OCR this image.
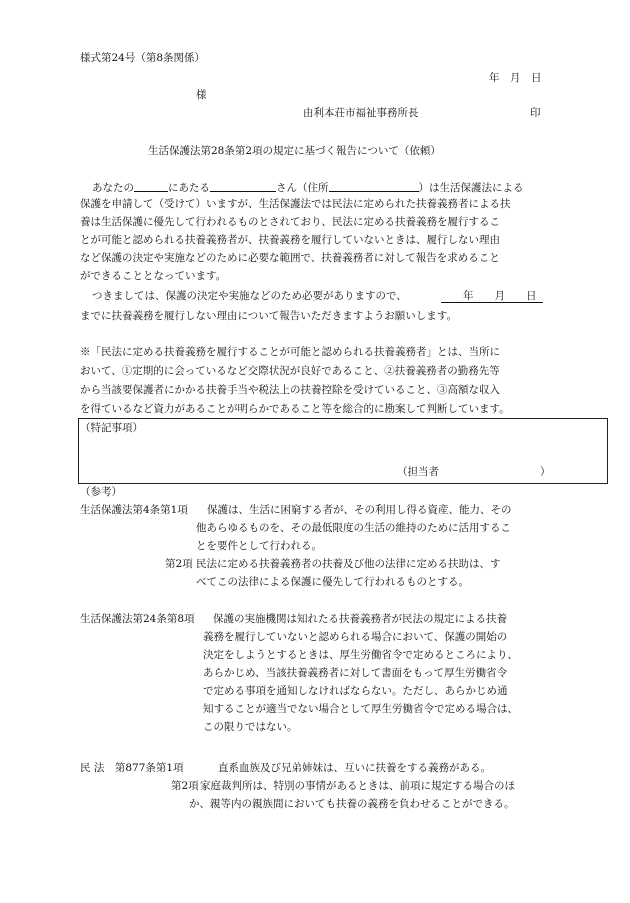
様式第24号（第8条関係）
年　月　日
様
由利本荘市福祉事務所長	印
生活保護法第28条第2項の規定に基づく報告について（依頼）
あなたの	にあたる	さん（住所	）は生活保護法による
保護を申請して（受けて）いますが、生活保護法では民法に定められた扶養義務者による扶
養は生活保護に優先して行われるものとされており、民法に定める扶養義務を履行するこ
とが可能と認められる扶養義務者が、扶養義務を履行していないときは、履行しない理由
など保護の決定や実施などのために必要な範囲で、扶養義務者に対して報告を求めること
ができることとなっています。
つきましては、保護の決定や実施などのため必要がありますので、	年　　月　　日
までに扶養義務を履行しない理由について報告いただきますようお願いします。
※「民法に定める扶養義務を履行することが可能と認められる扶養義務者」とは、当所に
おいて、①定期的に会っているなど交際状況が良好であること、②扶養義務者の勤務先等
から当該要保護者にかかる扶養手当や税法上の扶養控除を受けていること、③高額な収入
を得ているなど資力があることが明らかであること等を総合的に勘案して判断しています。
（特記事項）
（担当者	）
（参考）
生活保護法第4条第1項 保護は、生活に困窮する者が、その利用し得る資産、能力、その
他あらゆるものを、その最低限度の生活の維持のために活用するこ
とを要件として行われる。
第2項 民法に定める扶養義務者の扶養及び他の法律に定める扶助は、す
べてこの法律による保護に優先して行われるものとする。
生活保護法第24条第8項 保護の実施機関は知れたる扶養義務者が民法の規定による扶養
義務を履行していないと認められる場合において、保護の開始の
決定をしようとするときは、厚生労働省令で定めるところにより、
あらかじめ、当該扶養義務者に対して書面をもって厚生労働省令
で定める事項を通知しなければならない。ただし、あらかじめ通
知することが適当でない場合として厚生労働省令で定める場合は、
この限りではない。
民 法　第877条第1項	直系血族及び兄弟姉妹は、互いに扶養をする義務がある。
第2項 家庭裁判所は、特別の事情があるときは、前項に規定する場合のほ
か、親等内の親族間においても扶養の義務を負わせることができる。
